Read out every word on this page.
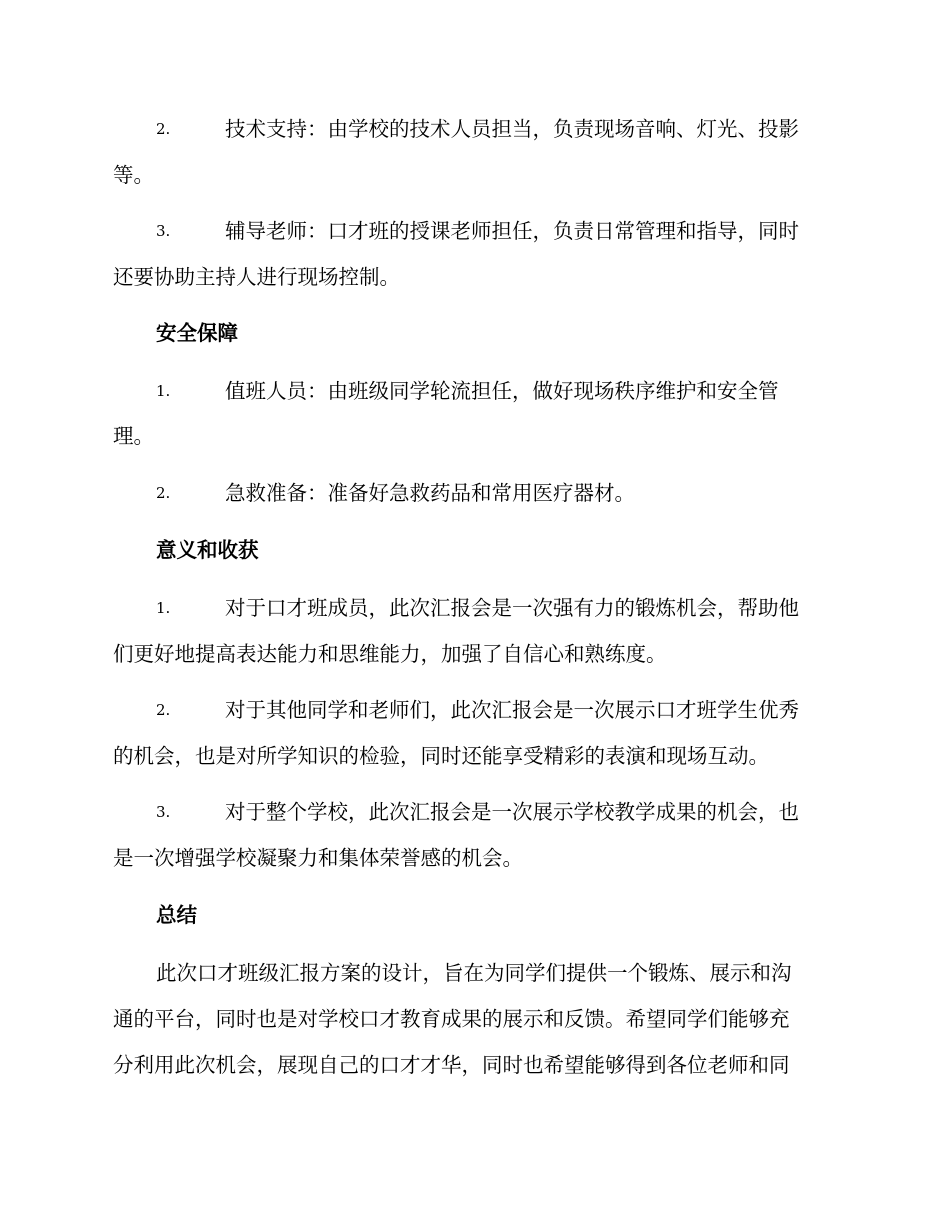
2.	技术支持：由学校的技术人员担当，负责现场音响、灯光、投影
等。
3.	辅导老师：口才班的授课老师担任，负责日常管理和指导，同时
还要协助主持人进行现场控制。
安全保障
1.	值班人员：由班级同学轮流担任，做好现场秩序维护和安全管
理。
2.	急救准备：准备好急救药品和常用医疗器材。
意义和收获
1.	对于口才班成员，此次汇报会是一次强有力的锻炼机会，帮助他
们更好地提高表达能力和思维能力，加强了自信心和熟练度。
2.	对于其他同学和老师们，此次汇报会是一次展示口才班学生优秀
的机会，也是对所学知识的检验，同时还能享受精彩的表演和现场互动。
3.	对于整个学校，此次汇报会是一次展示学校教学成果的机会，也
是一次增强学校凝聚力和集体荣誉感的机会。
总结
此次口才班级汇报方案的设计，旨在为同学们提供一个锻炼、展示和沟
通的平台，同时也是对学校口才教育成果的展示和反馈。希望同学们能够充
分利用此次机会，展现自己的口才才华，同时也希望能够得到各位老师和同
